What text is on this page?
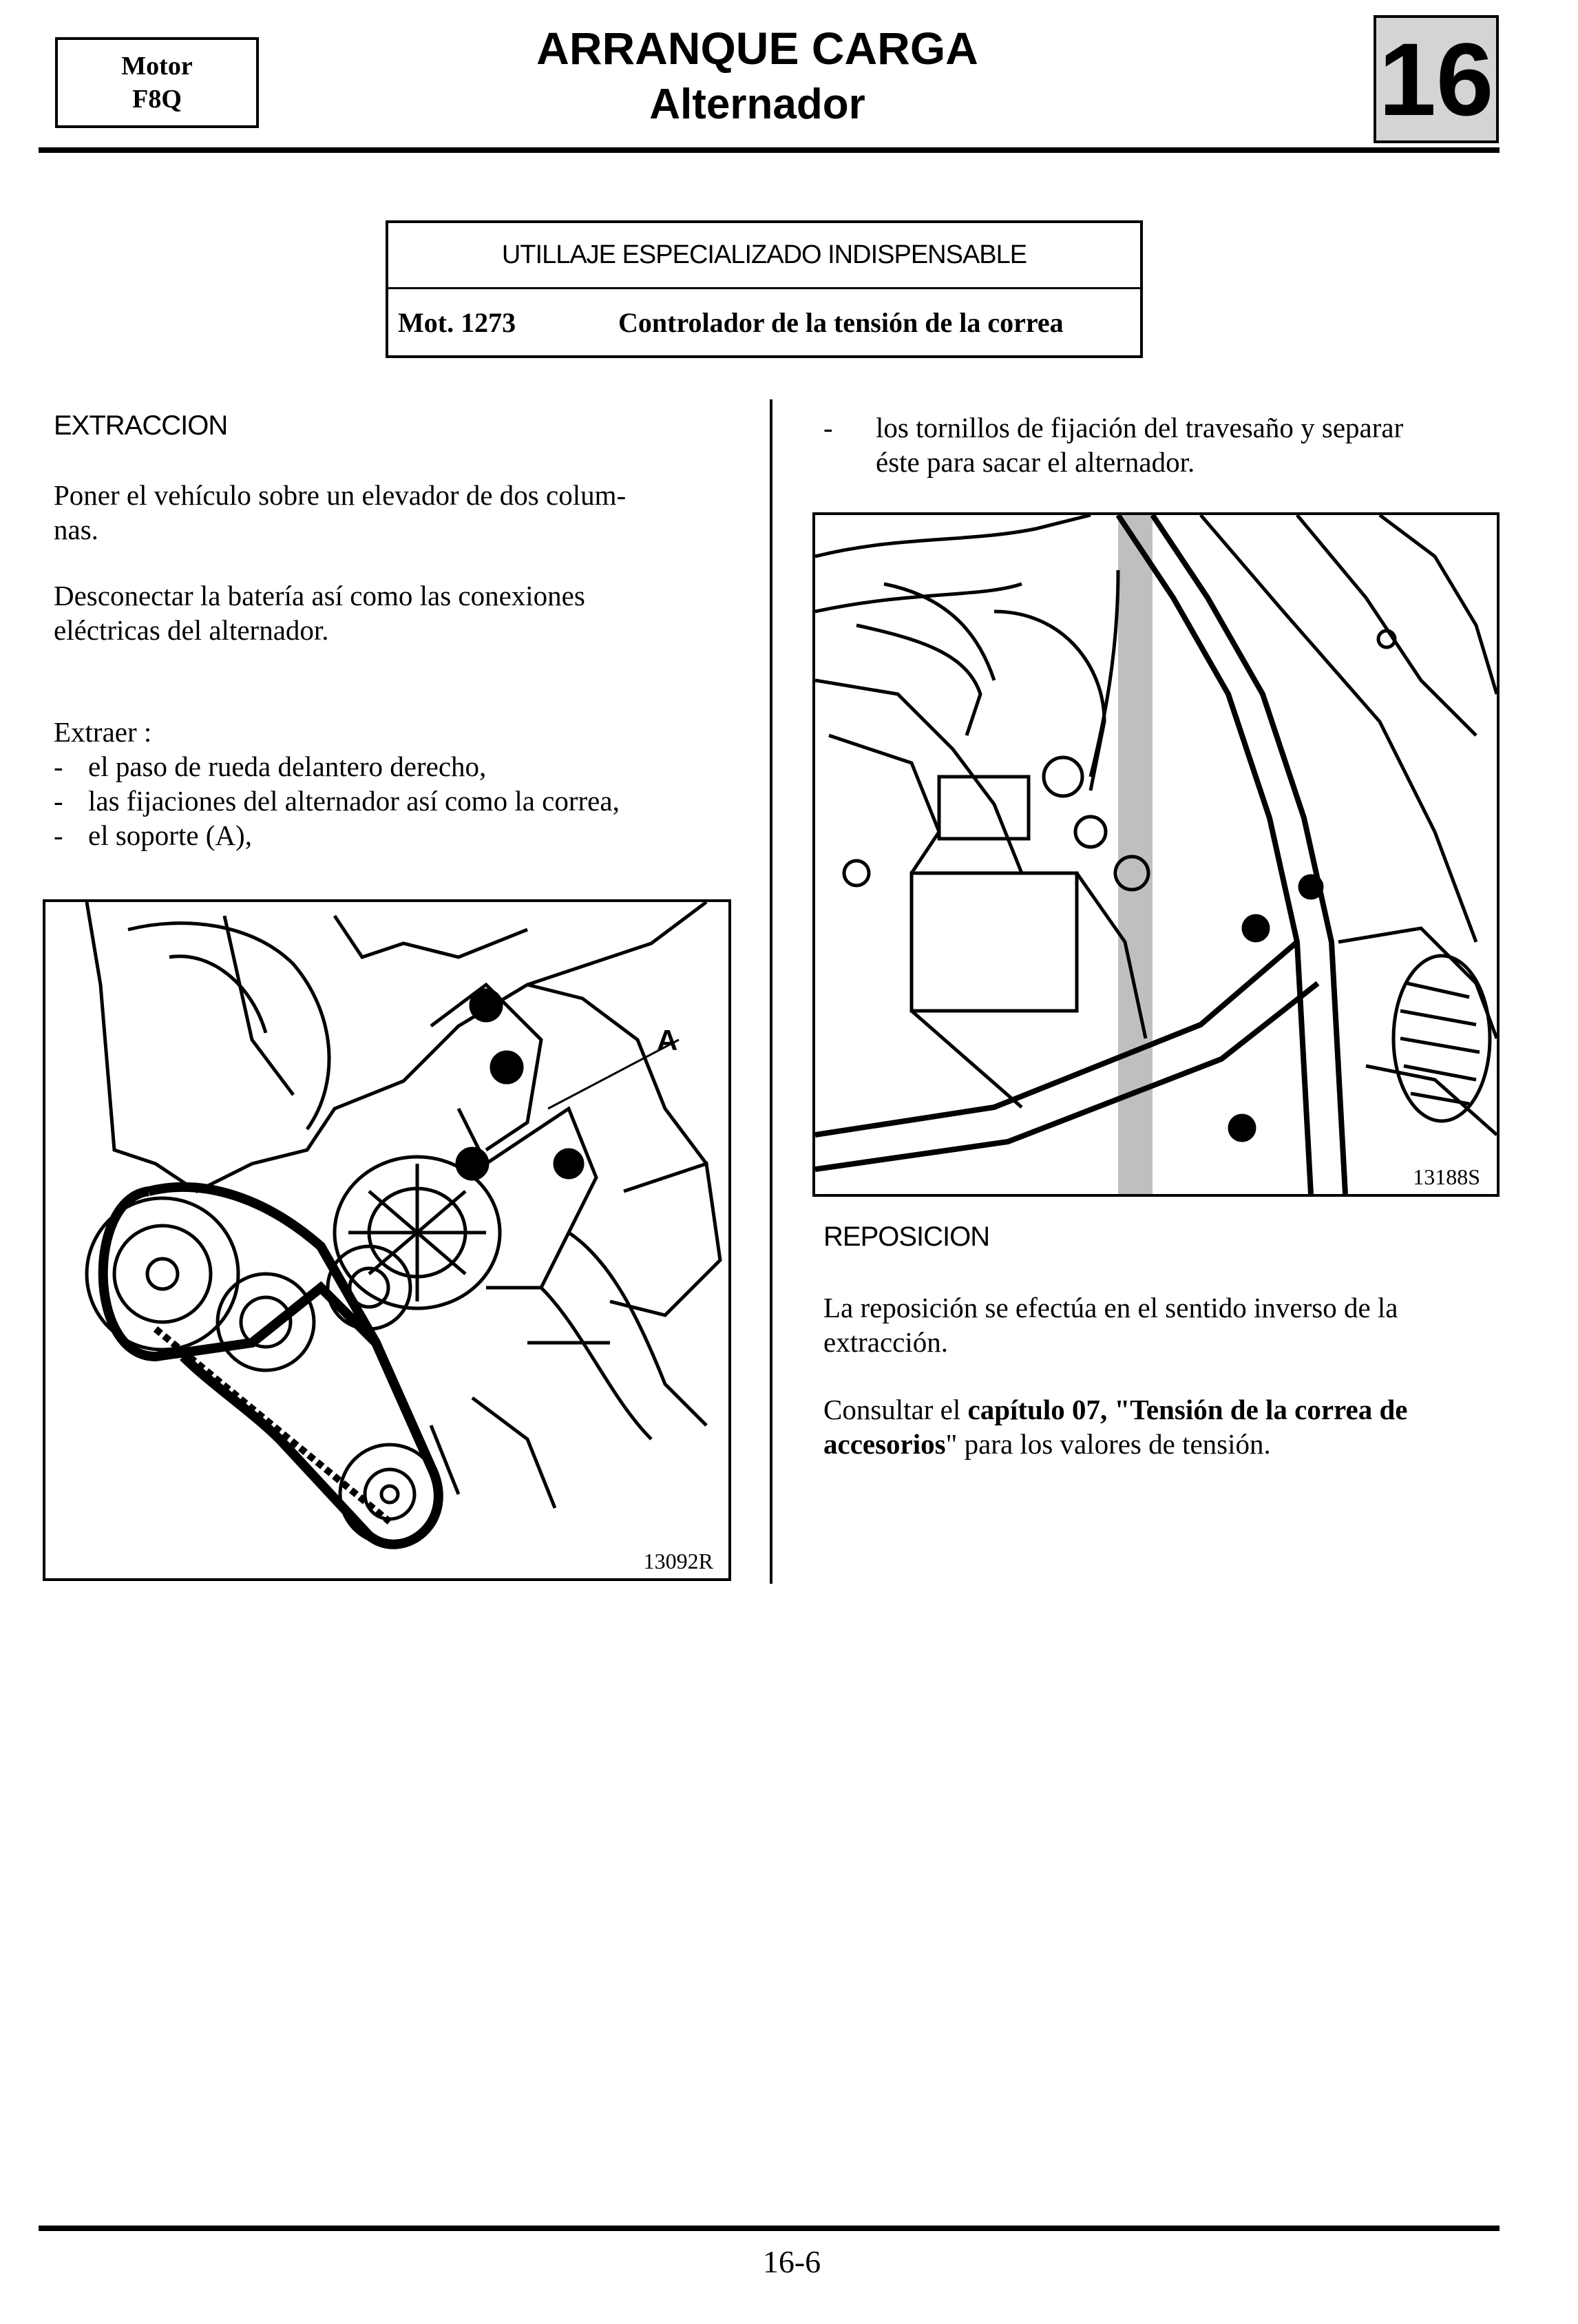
Motor
F8Q
ARRANQUE CARGA
Alternador	16
UTILLAJE ESPECIALIZADO INDISPENSABLE
Mot. 1273	Controlador de la tensión de la correa
EXTRACCION
Poner el vehículo sobre un elevador de dos colum-
nas.
Desconectar la batería así como las conexiones
eléctricas del alternador.
Extraer :
- el paso de rueda delantero derecho,
- las fijaciones del alternador así como la correa,
- el soporte (A),
A
13092R
-	los tornillos de fijación del travesaño y separar
éste para sacar el alternador.
13188S
REPOSICION
La reposición se efectúa en el sentido inverso de la
extracción.
Consultar el capítulo 07, "Tensión de la correa de
accesorios" para los valores de tensión.
16-6
